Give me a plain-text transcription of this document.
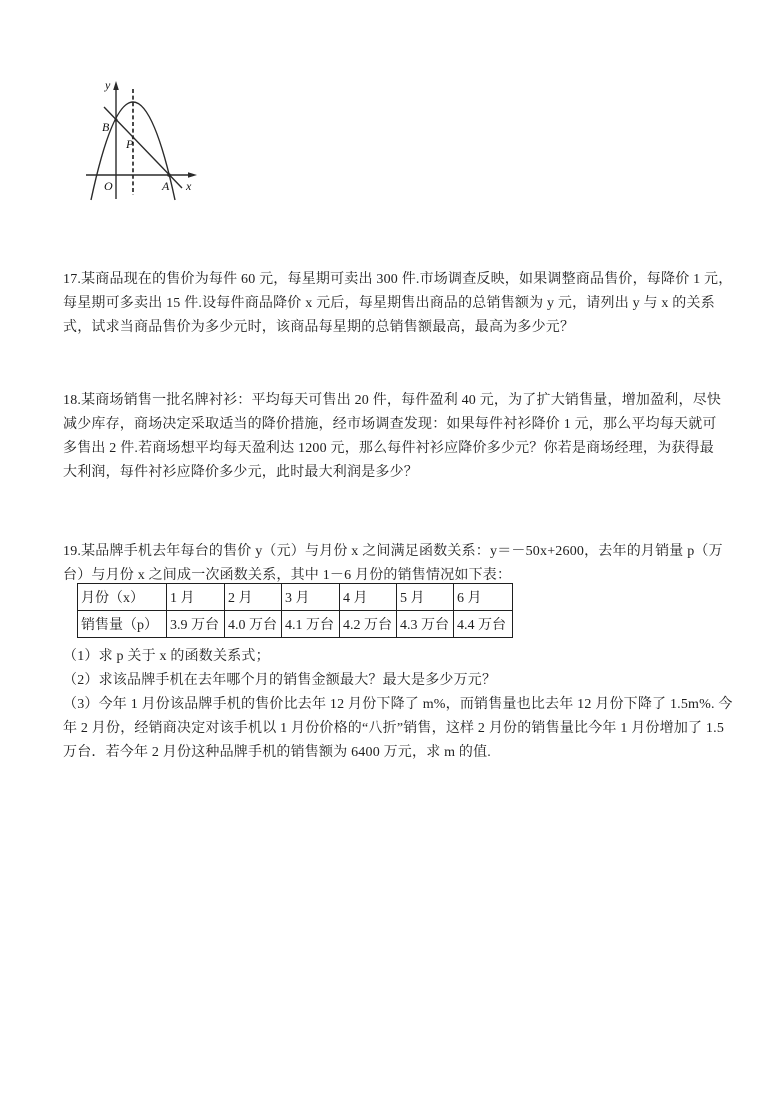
y
x
O	A
B
P
17.某商品现在的售价为每件 60 元，每星期可卖出 300 件.市场调查反映，如果调整商品售价，每降价 1 元，
每星期可多卖出 15 件.设每件商品降价 x 元后，每星期售出商品的总销售额为 y 元，请列出 y 与 x 的关系
式，试求当商品售价为多少元时，该商品每星期的总销售额最高，最高为多少元？
18.某商场销售一批名牌衬衫：平均每天可售出 20 件，每件盈利 40 元，为了扩大销售量，增加盈利，尽快
减少库存，商场决定采取适当的降价措施，经市场调查发现：如果每件衬衫降价 1 元，那么平均每天就可
多售出 2 件.若商场想平均每天盈利达 1200 元，那么每件衬衫应降价多少元？你若是商场经理，为获得最
大利润，每件衬衫应降价多少元，此时最大利润是多少？
19.某品牌手机去年每台的售价 y（元）与月份 x 之间满足函数关系：y＝－50x+2600，去年的月销量 p（万
台）与月份 x 之间成一次函数关系，其中 1－6 月份的销售情况如下表：
月份（x）	1 月	2 月	3 月	4 月	5 月	6 月
销售量（p）	3.9 万台	4.0 万台	4.1 万台	4.2 万台	4.3 万台	4.4 万台
（1）求 p 关于 x 的函数关系式；
（2）求该品牌手机在去年哪个月的销售金额最大？最大是多少万元？
（3）今年 1 月份该品牌手机的售价比去年 12 月份下降了 m%，而销售量也比去年 12 月份下降了 1.5m%. 今
年 2 月份，经销商决定对该手机以 1 月份价格的“八折”销售，这样 2 月份的销售量比今年 1 月份增加了 1.5
万台．若今年 2 月份这种品牌手机的销售额为 6400 万元，求 m 的值.
